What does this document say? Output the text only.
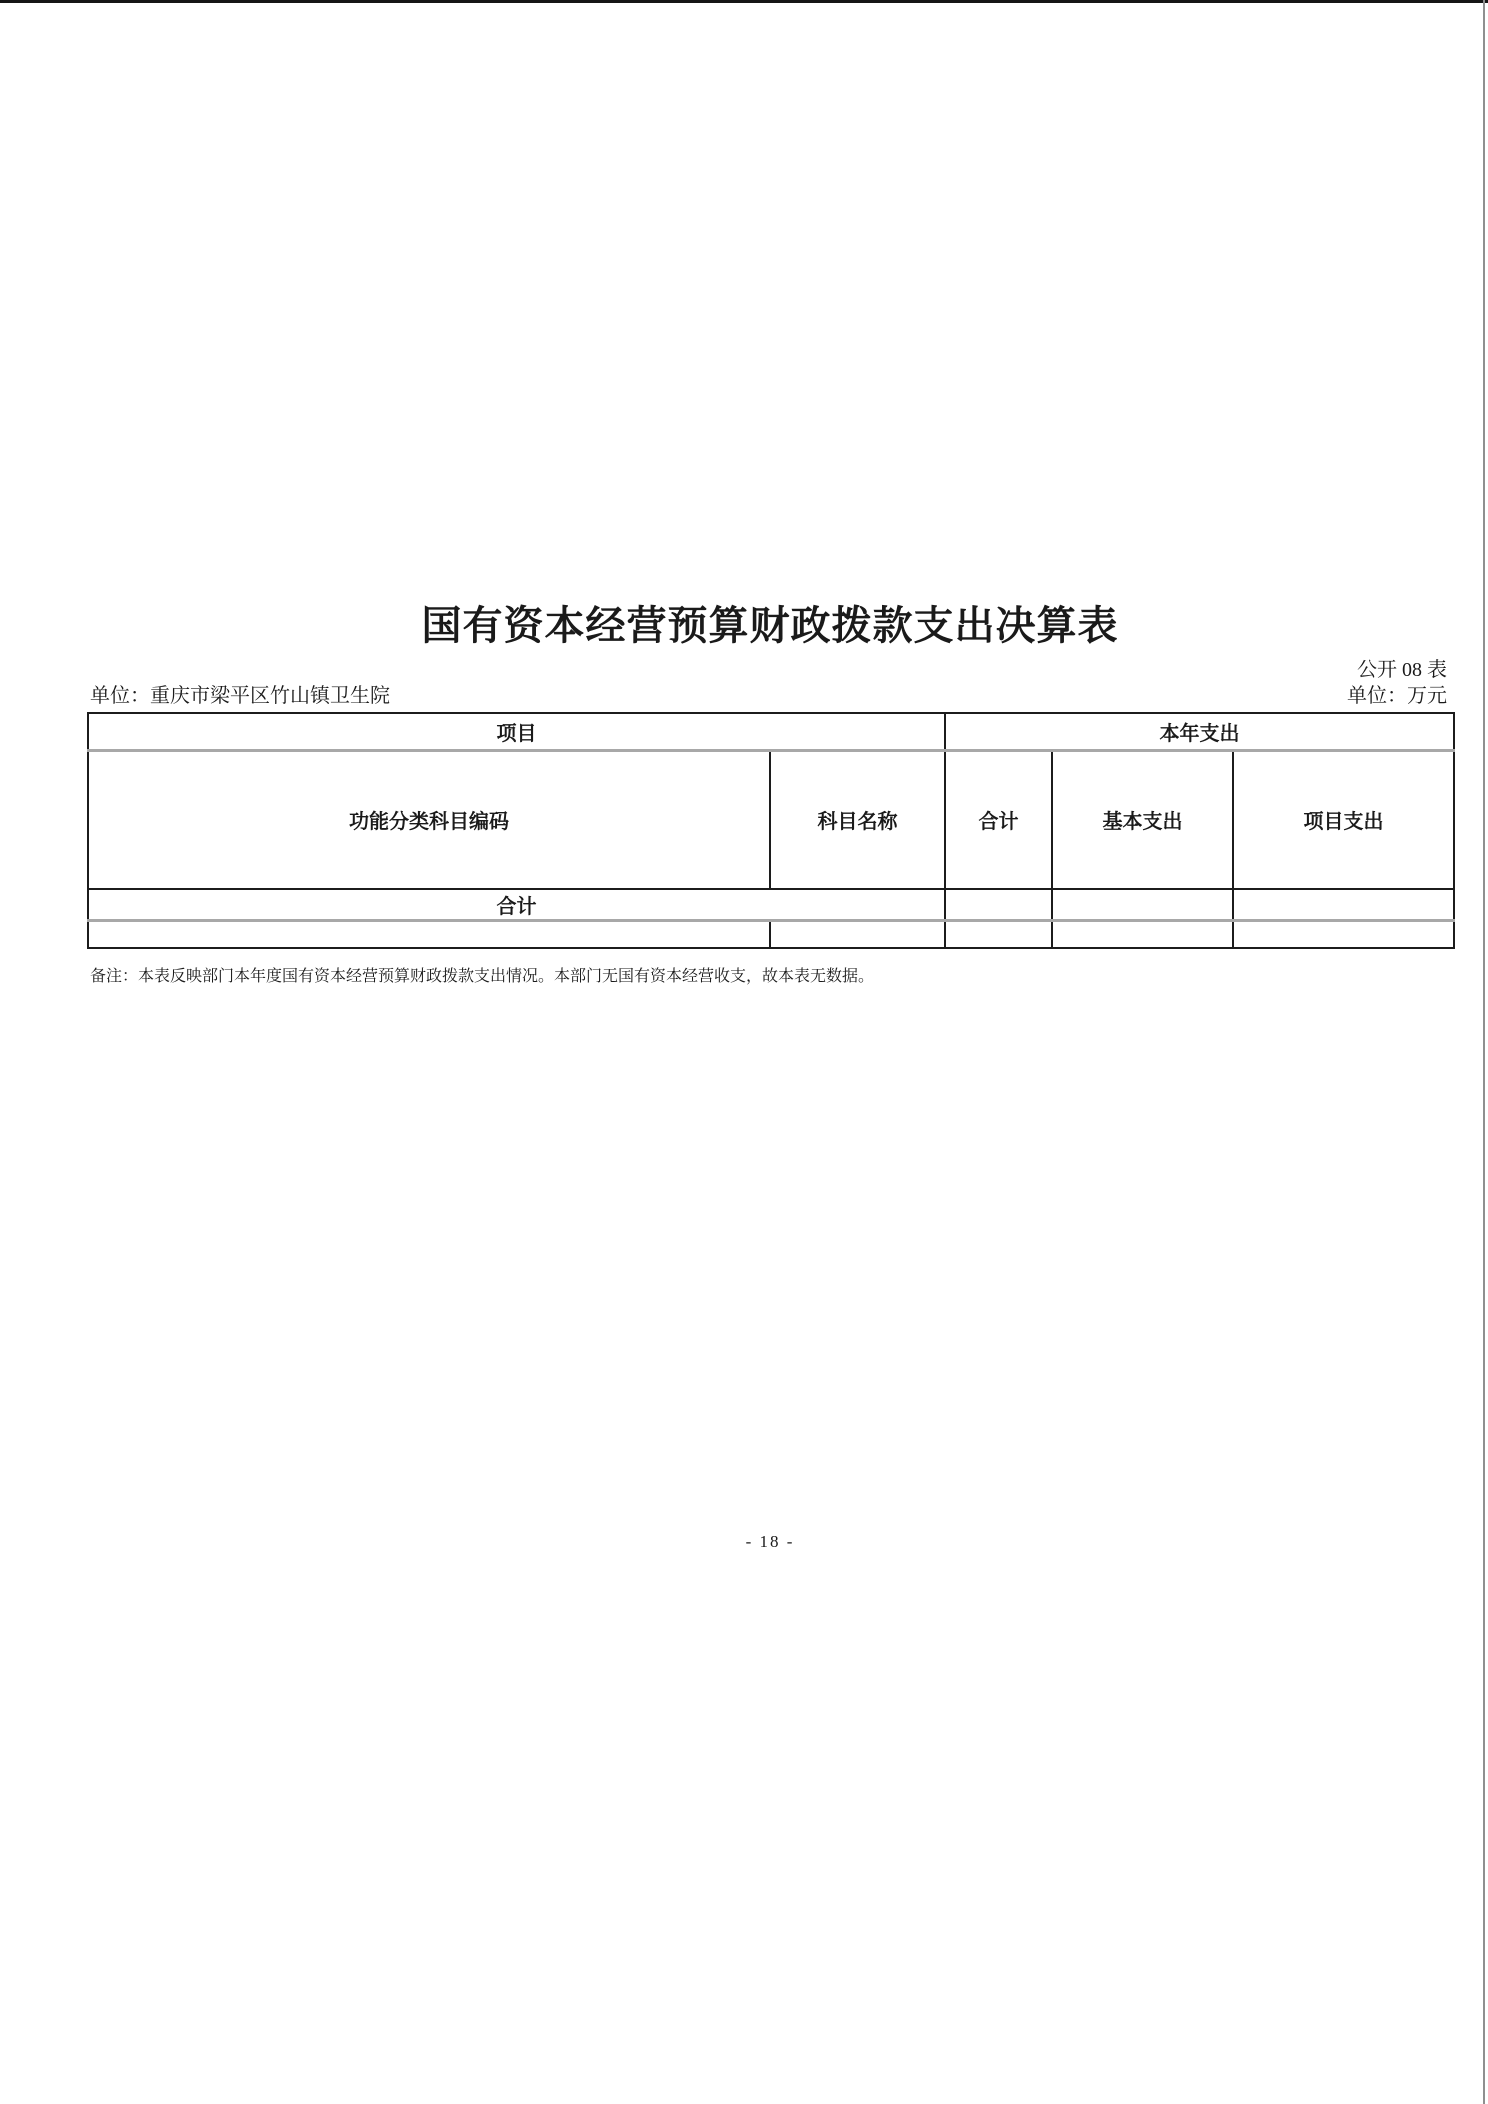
国有资本经营预算财政拨款支出决算表
公开 08 表
单位：重庆市梁平区竹山镇卫生院	单位：万元
项目		本年支出		
功能分类科目编码	科目名称	合计	基本支出	项目支出
合计				

备注：本表反映部门本年度国有资本经营预算财政拨款支出情况。本部门无国有资本经营收支，故本表无数据。
- 18 -
